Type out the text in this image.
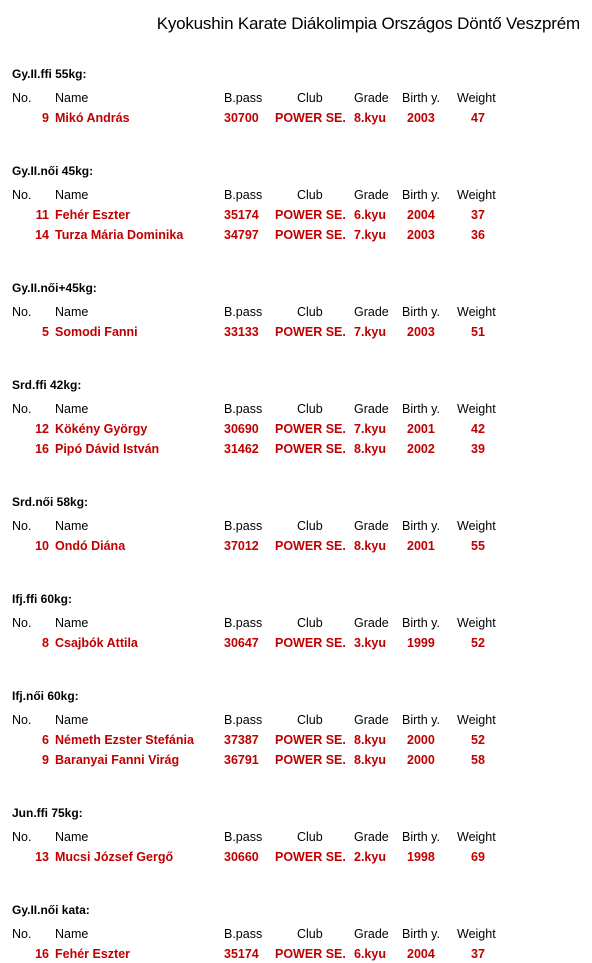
Kyokushin Karate Diákolimpia Országos Döntő Veszprém
Gy.II.ffi 55kg:
No. Name	B.pass	Club	Grade Birth y. Weight
9 Mikó András	30700 POWER SE. 8.kyu 2003	47
Gy.II.női 45kg:
No. Name	B.pass	Club	Grade Birth y. Weight
11 Fehér Eszter	35174 POWER SE. 6.kyu 2004	37
14 Turza Mária Dominika	34797 POWER SE. 7.kyu 2003	36
Gy.II.női+45kg:
No. Name	B.pass	Club	Grade Birth y. Weight
5 Somodi Fanni	33133 POWER SE. 7.kyu 2003	51
Srd.ffi 42kg:
No. Name	B.pass	Club	Grade Birth y. Weight
12 Kökény György	30690 POWER SE. 7.kyu 2001	42
16 Pipó Dávid István	31462 POWER SE. 8.kyu 2002	39
Srd.női 58kg:
No. Name	B.pass	Club	Grade Birth y. Weight
10 Ondó Diána	37012 POWER SE. 8.kyu 2001	55
Ifj.ffi 60kg:
No. Name	B.pass	Club	Grade Birth y. Weight
8 Csajbók Attila	30647 POWER SE. 3.kyu 1999	52
Ifj.női 60kg:
No. Name	B.pass	Club	Grade Birth y. Weight
6 Németh Ezster Stefánia 37387 POWER SE. 8.kyu 2000	52
9 Baranyai Fanni Virág	36791 POWER SE. 8.kyu 2000	58
Jun.ffi 75kg:
No. Name	B.pass	Club	Grade Birth y. Weight
13 Mucsi József Gergő	30660 POWER SE. 2.kyu 1998	69
Gy.II.női kata:
No. Name	B.pass	Club	Grade Birth y. Weight
16 Fehér Eszter	35174 POWER SE. 6.kyu 2004	37
